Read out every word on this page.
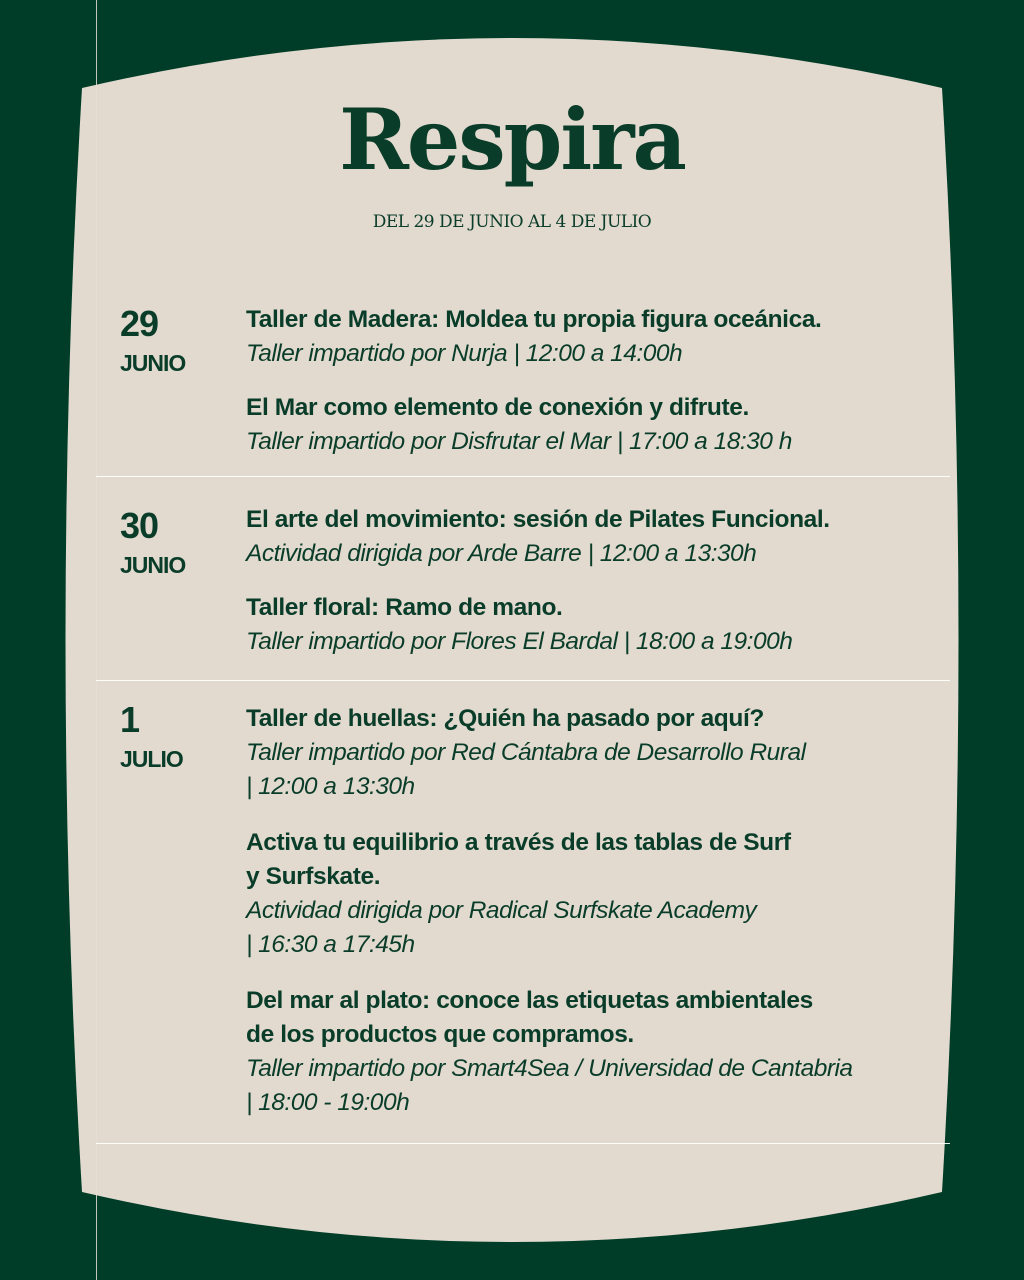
Respira
DEL 29 DE JUNIO AL 4 DE JULIO
29
JUNIO
Taller de Madera: Moldea tu propia figura oceánica.
Taller impartido por Nurja | 12:00 a 14:00h
El Mar como elemento de conexión y difrute.
Taller impartido por Disfrutar el Mar | 17:00 a 18:30 h
30
JUNIO
El arte del movimiento: sesión de Pilates Funcional.
Actividad dirigida por Arde Barre | 12:00 a 13:30h
Taller floral: Ramo de mano.
Taller impartido por Flores El Bardal | 18:00 a 19:00h
1
JULIO
Taller de huellas: ¿Quién ha pasado por aquí?
Taller impartido por Red Cántabra de Desarrollo Rural
| 12:00 a 13:30h
Activa tu equilibrio a través de las tablas de Surf
y Surfskate.
Actividad dirigida por Radical Surfskate Academy
| 16:30 a 17:45h
Del mar al plato: conoce las etiquetas ambientales
de los productos que compramos.
Taller impartido por Smart4Sea / Universidad de Cantabria
| 18:00 - 19:00h
